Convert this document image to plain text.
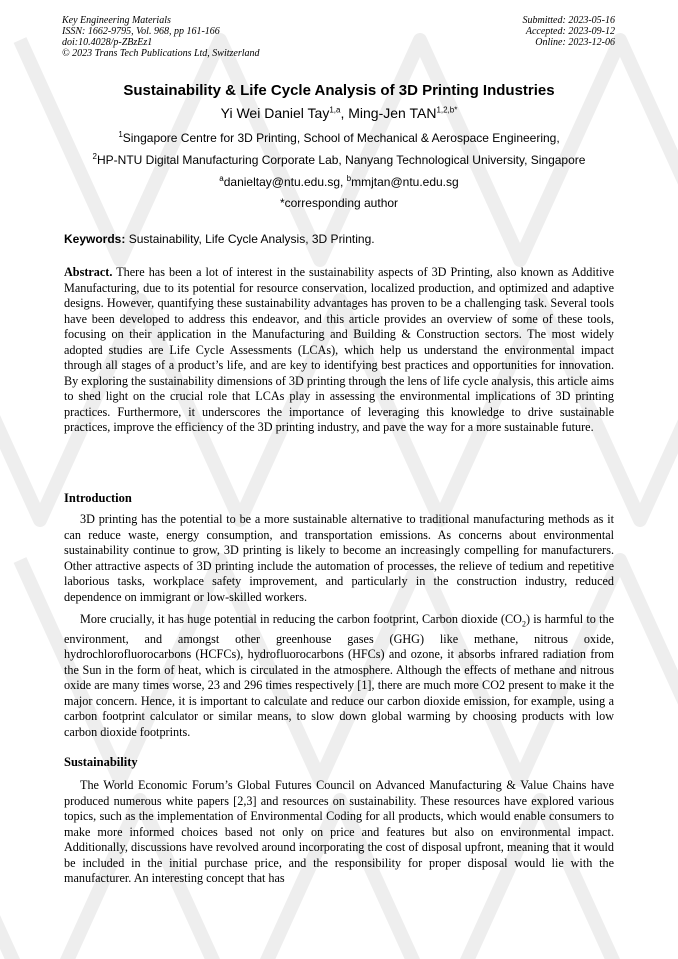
Key Engineering Materials
ISSN: 1662-9795, Vol. 968, pp 161-166
doi:10.4028/p-ZBzEz1
© 2023 Trans Tech Publications Ltd, Switzerland
Submitted: 2023-05-16
Accepted: 2023-09-12
Online: 2023-12-06
Sustainability & Life Cycle Analysis of 3D Printing Industries
Yi Wei Daniel Tay$^{1,a}$, Ming-Jen $TAN^{1,2,b*}$
$^1$Singapore Centre for 3D Printing, School of Mechanical & Aerospace Engineering,
$^2$HP-NTU Digital Manufacturing Corporate Lab, Nanyang Technological University, Singapore
$^a$danieltay@ntu.edu.sg, $^b$mmjtan@ntu.edu.sg
*corresponding author
Keywords: Sustainability, Life Cycle Analysis, 3D Printing.
Abstract. There has been a lot of interest in the sustainability aspects of 3D Printing, also known as Additive Manufacturing, due to its potential for resource conservation, localized production, and optimized and adaptive designs. However, quantifying these sustainability advantages has proven to be a challenging task. Several tools have been developed to address this endeavor, and this article provides an overview of some of these tools, focusing on their application in the Manufacturing and Building & Construction sectors. The most widely adopted studies are Life Cycle Assessments (LCAs), which help us understand the environmental impact through all stages of a product’s life, and are key to identifying best practices and opportunities for innovation. By exploring the sustainability dimensions of 3D printing through the lens of life cycle analysis, this article aims to shed light on the crucial role that LCAs play in assessing the environmental implications of 3D printing practices. Furthermore, it underscores the importance of leveraging this knowledge to drive sustainable practices, improve the efficiency of the 3D printing industry, and pave the way for a more sustainable future.
Introduction
3D printing has the potential to be a more sustainable alternative to traditional manufacturing methods as it can reduce waste, energy consumption, and transportation emissions. As concerns about environmental sustainability continue to grow, 3D printing is likely to become an increasingly compelling for manufacturers. Other attractive aspects of 3D printing include the automation of processes, the relieve of tedium and repetitive laborious tasks, workplace safety improvement, and particularly in the construction industry, reduced dependence on immigrant or low-skilled workers.
More crucially, it has huge potential in reducing the carbon footprint, Carbon dioxide $(CO_2)$ is harmful to the environment, and amongst other greenhouse gases (GHG) like methane, nitrous oxide, hydrochlorofluorocarbons (HCFCs), hydrofluorocarbons (HFCs) and ozone, it absorbs infrared radiation from the Sun in the form of heat, which is circulated in the atmosphere. Although the effects of methane and nitrous oxide are many times worse, 23 and 296 times respectively [1], there are much more CO2 present to make it the major concern. Hence, it is important to calculate and reduce our carbon dioxide emission, for example, using a carbon footprint calculator or similar means, to slow down global warming by choosing products with low carbon dioxide footprints.
Sustainability
The World Economic Forum’s Global Futures Council on Advanced Manufacturing & Value Chains have produced numerous white papers [2,3] and resources on sustainability. These resources have explored various topics, such as the implementation of Environmental Coding for all products, which would enable consumers to make more informed choices based not only on price and features but also on environmental impact. Additionally, discussions have revolved around incorporating the cost of disposal upfront, meaning that it would be included in the initial purchase price, and the responsibility for proper disposal would lie with the manufacturer. An interesting concept that has
